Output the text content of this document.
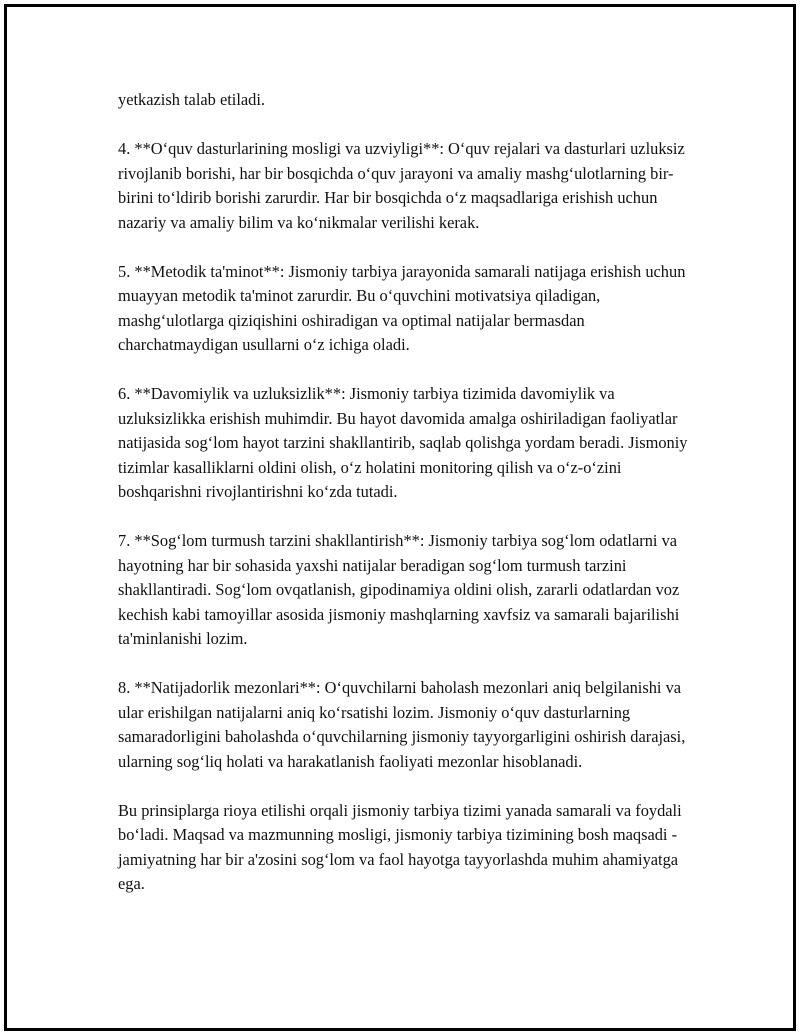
yetkazish talab etiladi.

4. **O‘quv dasturlarining mosligi va uzviyligi**: O‘quv rejalari va dasturlari uzluksiz rivojlanib borishi, har bir bosqichda o‘quv jarayoni va amaliy mashg‘ulotlarning bir-birini to‘ldirib borishi zarurdir. Har bir bosqichda o‘z maqsadlariga erishish uchun nazariy va amaliy bilim va ko‘nikmalar verilishi kerak.

5. **Metodik ta'minot**: Jismoniy tarbiya jarayonida samarali natijaga erishish uchun muayyan metodik ta'minot zarurdir. Bu o‘quvchini motivatsiya qiladigan, mashg‘ulotlarga qiziqishini oshiradigan va optimal natijalar bermasdan charchatmaydigan usullarni o‘z ichiga oladi.

6. **Davomiylik va uzluksizlik**: Jismoniy tarbiya tizimida davomiylik va uzluksizlikka erishish muhimdir. Bu hayot davomida amalga oshiriladigan faoliyatlar natijasida sog‘lom hayot tarzini shakllantirib, saqlab qolishga yordam beradi. Jismoniy tizimlar kasalliklarni oldini olish, o‘z holatini monitoring qilish va o‘z-o‘zini boshqarishni rivojlantirishni ko‘zda tutadi.

7. **Sog‘lom turmush tarzini shakllantirish**: Jismoniy tarbiya sog‘lom odatlarni va hayotning har bir sohasida yaxshi natijalar beradigan sog‘lom turmush tarzini shakllantiradi. Sog‘lom ovqatlanish, gipodinamiya oldini olish, zararli odatlardan voz kechish kabi tamoyillar asosida jismoniy mashqlarning xavfsiz va samarali bajarilishi ta'minlanishi lozim.

8. **Natijadorlik mezonlari**: O‘quvchilarni baholash mezonlari aniq belgilanishi va ular erishilgan natijalarni aniq ko‘rsatishi lozim. Jismoniy o‘quv dasturlarning samaradorligini baholashda o‘quvchilarning jismoniy tayyorgarligini oshirish darajasi, ularning sog‘liq holati va harakatlanish faoliyati mezonlar hisoblanadi.

Bu prinsiplarga rioya etilishi orqali jismoniy tarbiya tizimi yanada samarali va foydali bo‘ladi. Maqsad va mazmunning mosligi, jismoniy tarbiya tizimining bosh maqsadi - jamiyatning har bir a'zosini sog‘lom va faol hayotga tayyorlashda muhim ahamiyatga ega.
